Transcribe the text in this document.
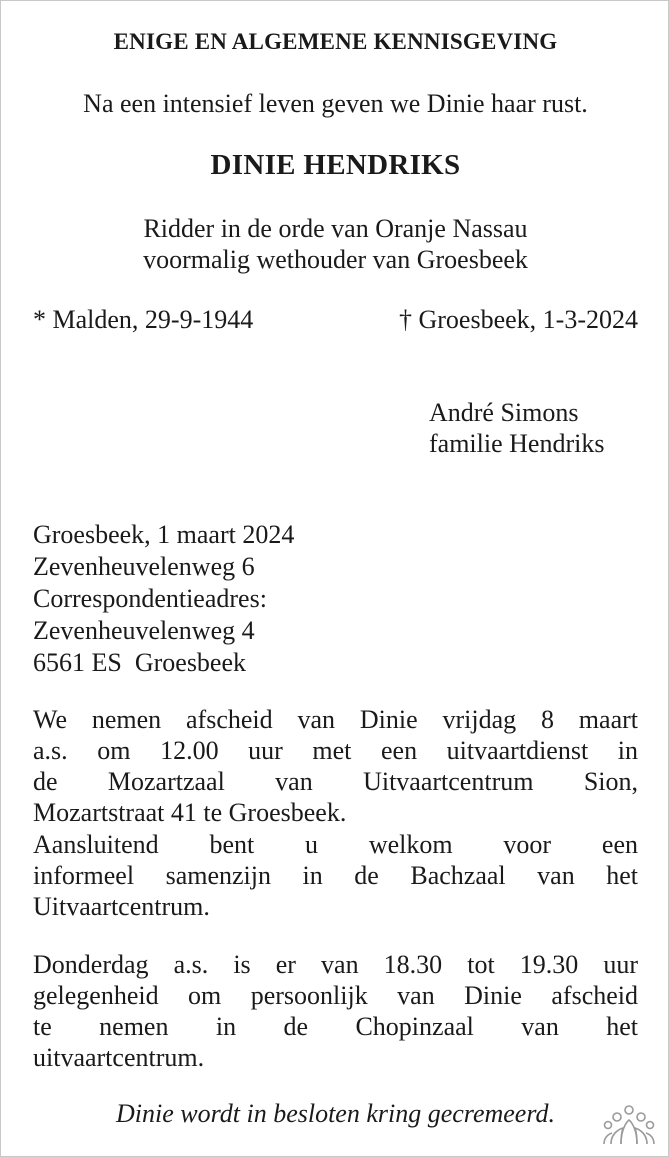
ENIGE EN ALGEMENE KENNISGEVING
Na een intensief leven geven we Dinie haar rust.
DINIE HENDRIKS
Ridder in de orde van Oranje Nassau
voormalig wethouder van Groesbeek
* Malden, 29-9-1944	† Groesbeek, 1-3-2024
André Simons
familie Hendriks
Groesbeek, 1 maart 2024
Zevenheuvelenweg 6
Correspondentieadres:
Zevenheuvelenweg 4
6561 ES  Groesbeek
We nemen afscheid van Dinie vrijdag 8 maart
a.s. om 12.00 uur met een uitvaartdienst in
de Mozartzaal van Uitvaartcentrum Sion,
Mozartstraat 41 te Groesbeek.
Aansluitend bent u welkom voor een
informeel samenzijn in de Bachzaal van het
Uitvaartcentrum.
Donderdag a.s. is er van 18.30 tot 19.30 uur
gelegenheid om persoonlijk van Dinie afscheid
te nemen in de Chopinzaal van het
uitvaartcentrum.
Dinie wordt in besloten kring gecremeerd.
